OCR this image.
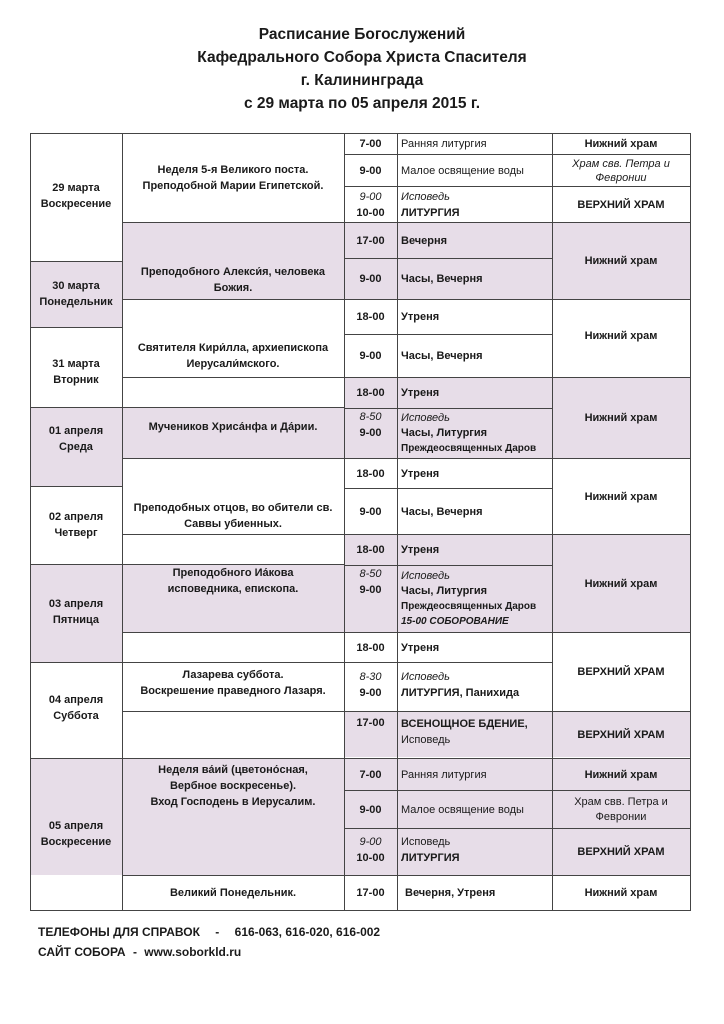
Расписание Богослужений
Кафедрального Собора Христа Спасителя
г. Калининграда
с 29 марта по 05 апреля 2015 г.
29 марта
Воскресение
30 марта
Понедельник
31 марта
Вторник
01 апреля
Среда
02 апреля
Четверг
03 апреля
Пятница
04 апреля
Суббота
05 апреля
Воскресение
Неделя 5-я Великого поста.
Преподобной Марии Египетской.
Преподобного Алекси́я, человека
Божия.
Святителя Кири́лла, архиепископа
Иерусали́мского.
Мучеников Хриса́нфа и Да́рии.
Преподобных отцов, во обители св.
Саввы убиенных.
Преподобного Иа́кова
исповедника, епископа.
Лазарева суббота.
Воскрешение праведного Лазаря.
Неделя ва́ий (цветоно́сная,
Вербное воскресенье).
Вход Господень в Иерусалим.
Великий Понедельник.
7-00
9-00
9-00
10-00
17-00
9-00
18-00
9-00
18-00
8-50
9-00
18-00
9-00
18-00
8-50
9-00
18-00
8-30
9-00
17-00
7-00
9-00
9-00
10-00
17-00
Ранняя литургия
Малое освящение воды
Исповедь
ЛИТУРГИЯ
Вечерня
Часы, Вечерня
Утреня
Часы, Вечерня
Утреня
Исповедь
Часы, Литургия
Преждеосвященных Даров
Утреня
Часы, Вечерня
Утреня
Исповедь
Часы, Литургия
Преждеосвященных Даров
15-00 СОБОРОВАНИЕ
Утреня
Исповедь
ЛИТУРГИЯ, Панихида
ВСЕНОЩНОЕ БДЕНИЕ,
Исповедь
Ранняя литургия
Малое освящение воды
Исповедь
ЛИТУРГИЯ
Вечерня, Утреня
Нижний храм
Храм свв. Петра и
Февронии
ВЕРХНИЙ ХРАМ
Нижний храм
Нижний храм
Нижний храм
Нижний храм
Нижний храм
ВЕРХНИЙ ХРАМ
ВЕРХНИЙ ХРАМ
Нижний храм
Храм свв. Петра и
Февронии
ВЕРХНИЙ ХРАМ
Нижний храм
ТЕЛЕФОНЫ ДЛЯ СПРАВОК - 616-063, 616-020, 616-002
САЙТ СОБОРА - www.soborkld.ru
